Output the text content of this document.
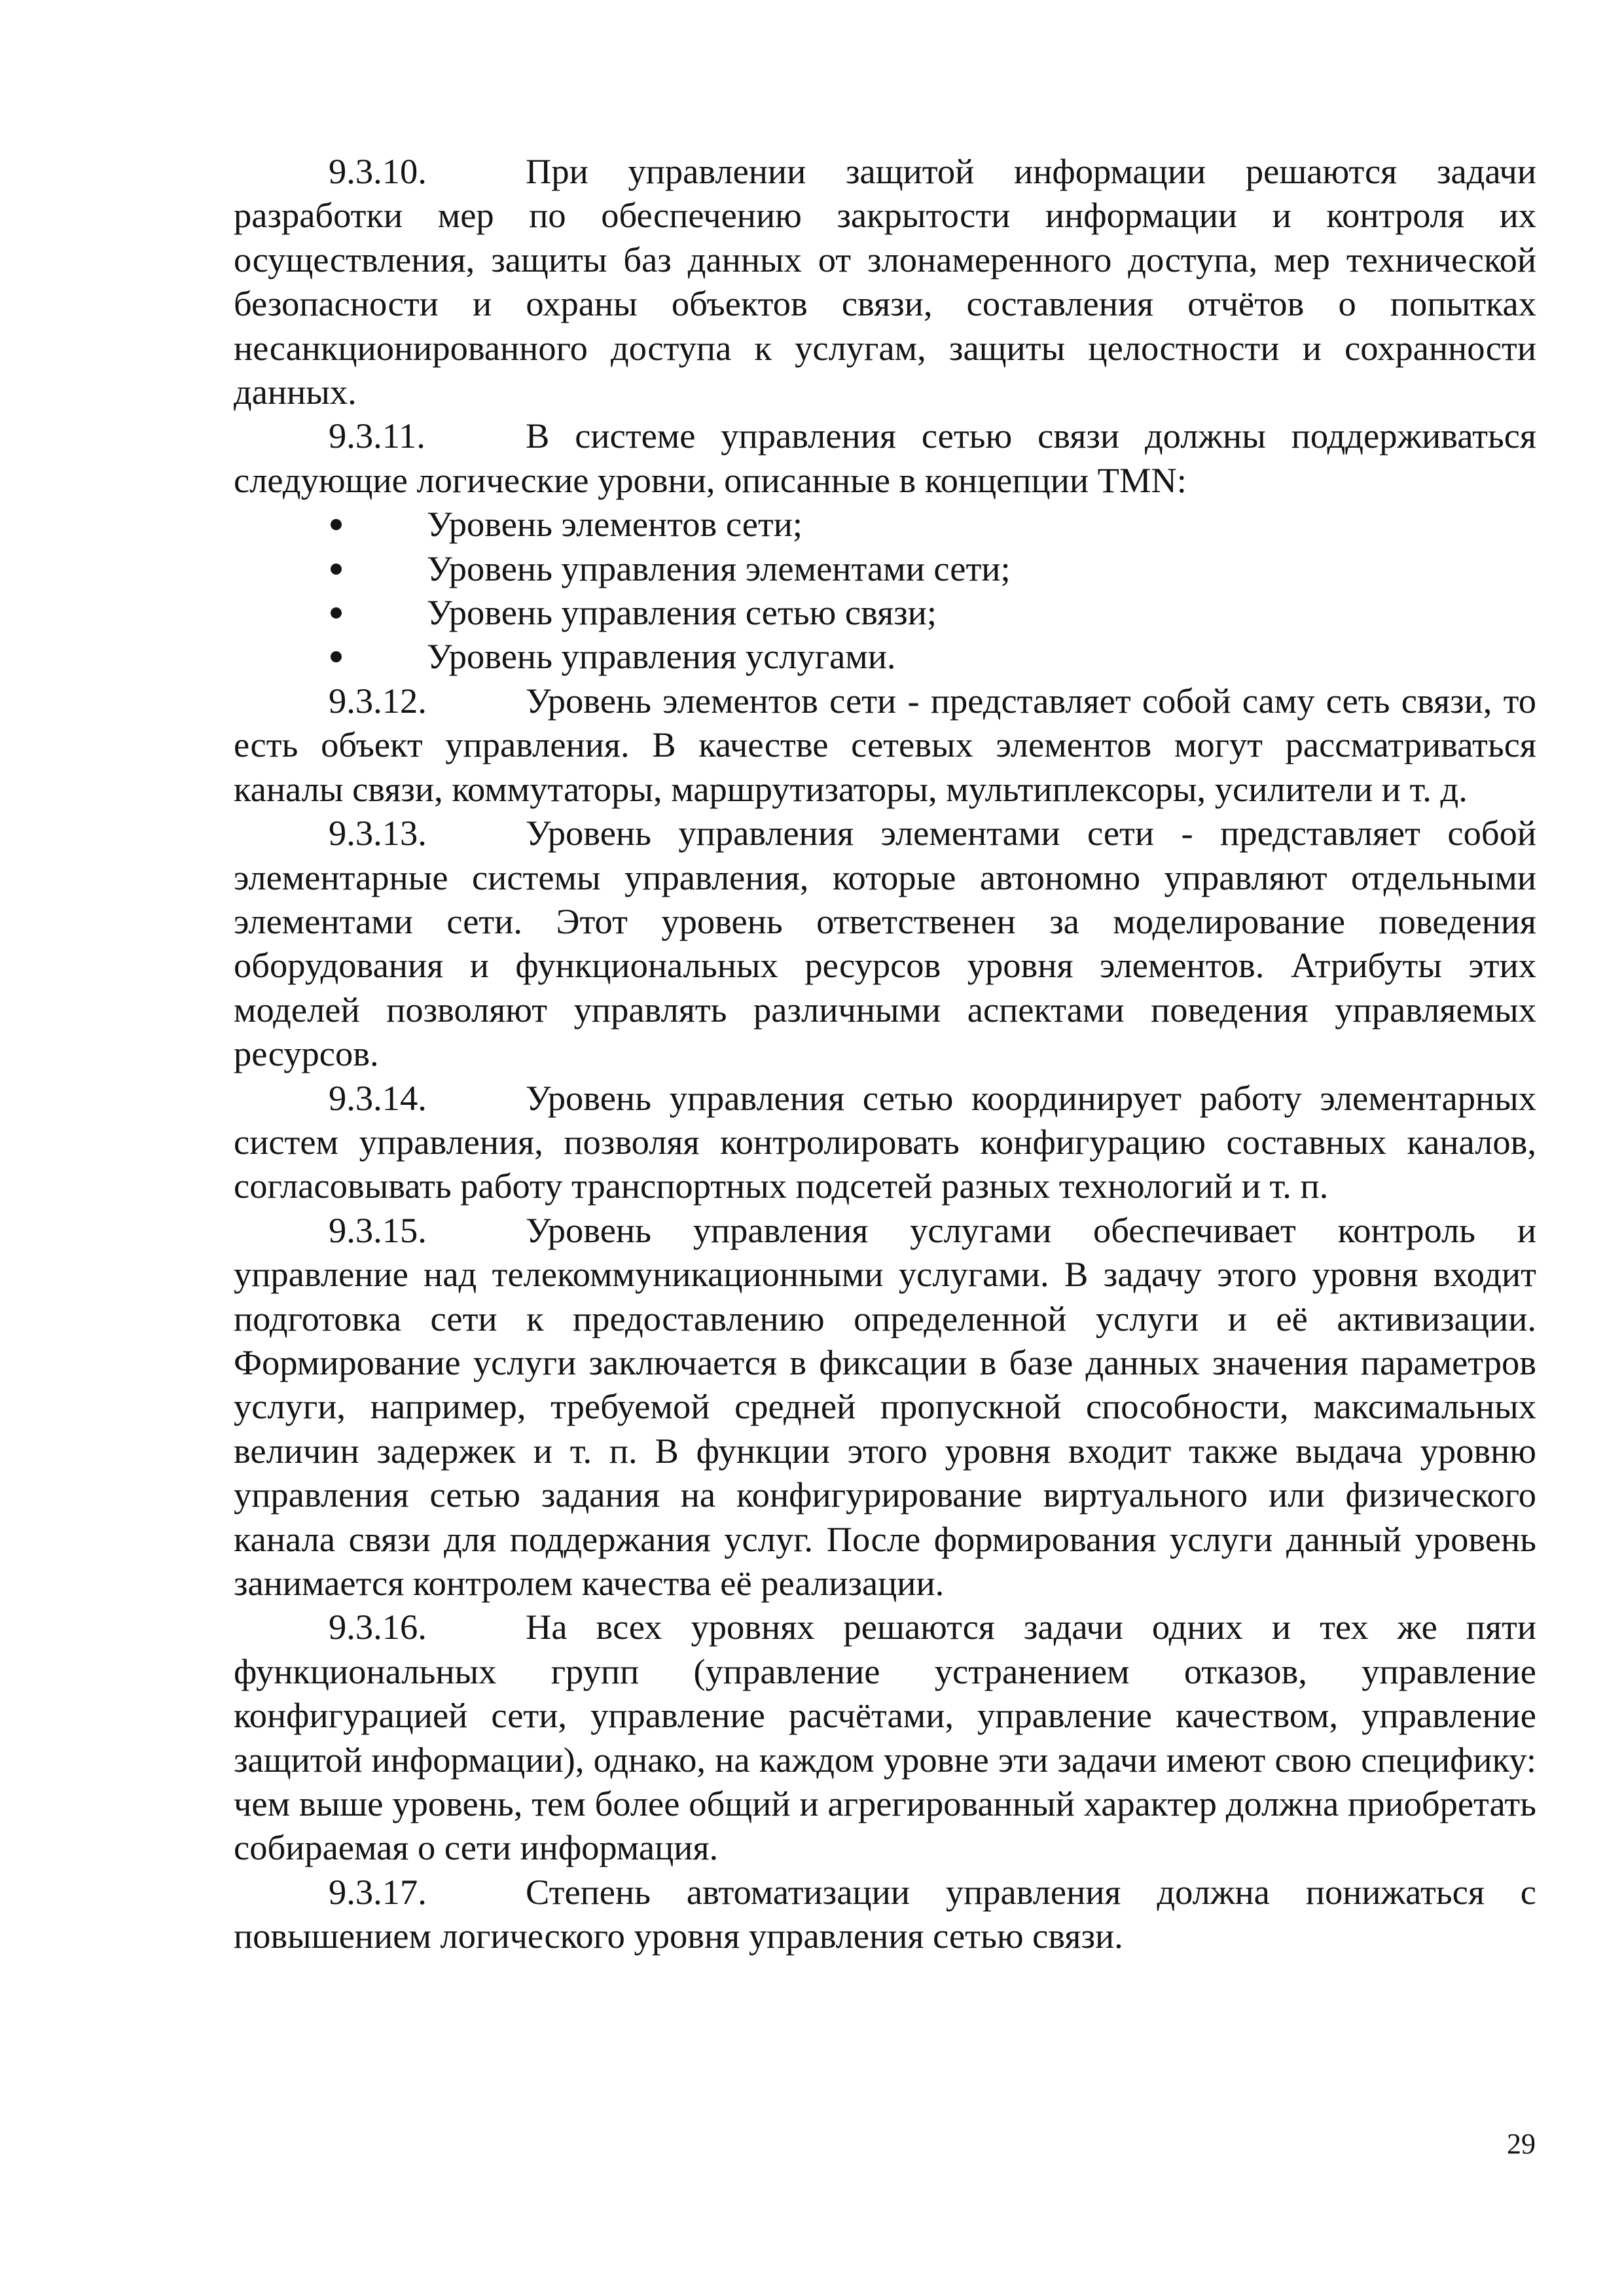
9.3.10.	При управлении защитой информации решаются задачи разработки мер по обеспечению закрытости информации и контроля их осуществления, защиты баз данных от злонамеренного доступа, мер технической безопасности и охраны объектов связи, составления отчётов о попытках несанкционированного доступа к услугам, защиты целостности и сохранности данных.

9.3.11.	В системе управления сетью связи должны поддерживаться следующие логические уровни, описанные в концепции TMN:

Уровень элементов сети;
Уровень управления элементами сети;
Уровень управления сетью связи;
Уровень управления услугами.

9.3.12.	Уровень элементов сети - представляет собой саму сеть связи, то есть объект управления. В качестве сетевых элементов могут рассматриваться каналы связи, коммутаторы, маршрутизаторы, мультиплексоры, усилители и т. д.

9.3.13.	Уровень управления элементами сети - представляет собой элементарные системы управления, которые автономно управляют отдельными элементами сети. Этот уровень ответственен за моделирование поведения оборудования и функциональных ресурсов уровня элементов. Атрибуты этих моделей позволяют управлять различными аспектами поведения управляемых ресурсов.

9.3.14.	Уровень управления сетью координирует работу элементарных систем управления, позволяя контролировать конфигурацию составных каналов, согласовывать работу транспортных подсетей разных технологий и т. п.

9.3.15.	Уровень управления услугами обеспечивает контроль и управление над телекоммуникационными услугами. В задачу этого уровня входит подготовка сети к предоставлению определенной услуги и её активизации. Формирование услуги заключается в фиксации в базе данных значения параметров услуги, например, требуемой средней пропускной способности, максимальных величин задержек и т. п. В функции этого уровня входит также выдача уровню управления сетью задания на конфигурирование виртуального или физического канала связи для поддержания услуг. После формирования услуги данный уровень занимается контролем качества её реализации.

9.3.16.	На всех уровнях решаются задачи одних и тех же пяти функциональных групп (управление устранением отказов, управление конфигурацией сети, управление расчётами, управление качеством, управление защитой информации), однако, на каждом уровне эти задачи имеют свою специфику: чем выше уровень, тем более общий и агрегированный характер должна приобретать собираемая о сети информация.

9.3.17.	Степень автоматизации управления должна понижаться с повышением логического уровня управления сетью связи.

29
